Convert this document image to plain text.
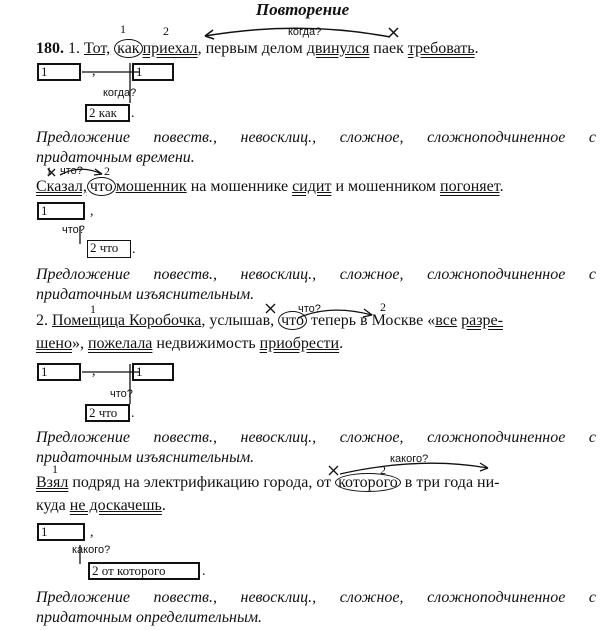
Повторение
1	2	когда?
180. 1. Тот, как приехал, первым делом двинулся паек требовать.
1	,	1
когда?
2 как	.
Предложение повеств., невосклиц., сложное, сложноподчиненное с придаточным времени.
1 что? 2
Сказал, что мошенник на мошеннике сидит и мошенником погоняет.
1	,
что?
2 что .
Предложение повеств., невосклиц., сложное, сложноподчиненное с придаточным изъяснительным.
1	что?	2
2. Помещица Коробочка, услышав, что теперь в Москве «все разре-
шено», пожелала недвижимость приобрести.
1	,	1
что?
2 что .
Предложение повеств., невосклиц., сложное, сложноподчиненное с придаточным изъяснительным.
1
какого?
2
Взял подряд на электрификацию города, от которого в три года ни-
куда не доскачешь.
1	,
какого?
2 от которого	.
Предложение повеств., невосклиц., сложное, сложноподчиненное с придаточным определительным.
